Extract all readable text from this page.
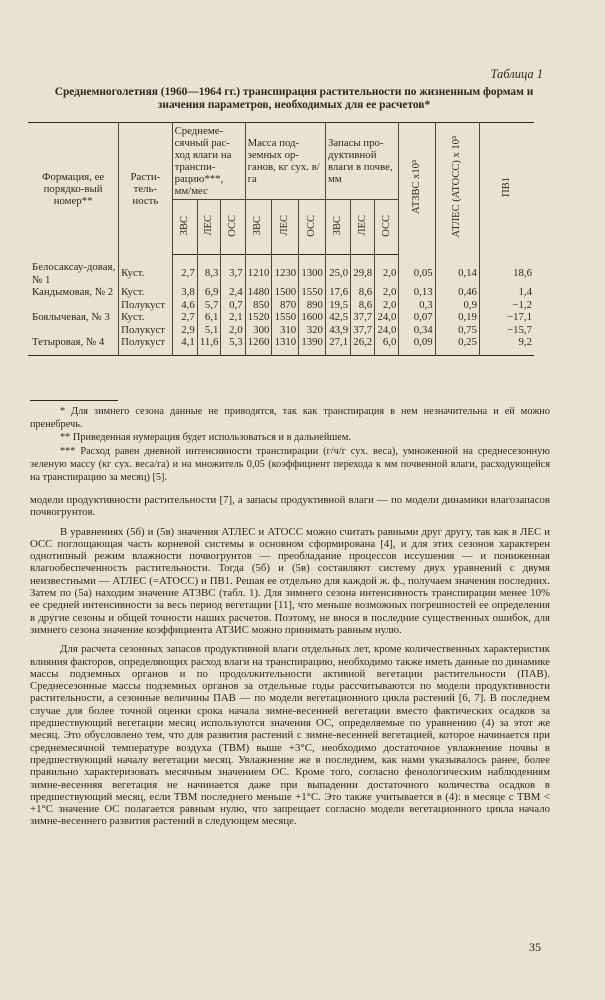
Таблица 1
Среднемноголетняя (1960—1964 гг.) транспирация растительности по жизненным формам и значения параметров, необходимых для ее расчетов*
Формация, ее порядко-вый номер**	Расти-тель-ность	Среднеме-сячный рас-ход влаги на транспи-рацию***, мм/мес			Масса под-земных ор-ганов, кг сух. в/га			Запасы про-дуктивной влаги в почве, мм			АТЗВС x10³	АТЛЕС (АТОСС) x 10³	ПВ1
		ЗВС	ЛЕС	ОСС	ЗВС	ЛЕС	ОСС	ЗВС	ЛЕС	ОСС			

Белосаксау-довая, № 1	Куст.	2,7	8,3	3,7	1210	1230	1300	25,0	29,8	2,0	0,05	0,14	18,6
Кандымовая, № 2	Куст.	3,8	6,9	2,4	1480	1500	1550	17,6	8,6	2,0	0,13	0,46	1,4
	Полукуст	4,6	5,7	0,7	850	870	890	19,5	8,6	2,0	0,3	0,9	−1,2
Боялычевая, № 3	Куст.	2,7	6,1	2,1	1520	1550	1600	42,5	37,7	24,0	0,07	0,19	−17,1
	Полукуст	2,9	5,1	2,0	300	310	320	43,9	37,7	24,0	0,34	0,75	−15,7
Тетыровая, № 4	Полукуст	4,1	11,6	5,3	1260	1310	1390	27,1	26,2	6,0	0,09	0,25	9,2

* Для зимнего сезона данные не приводятся, так как транспирация в нем незначительна и ей можно пренебречь.

** Приведенная нумерация будет использоваться и в дальнейшем.

*** Расход равен дневной интенсивности транспирации (г/ч/г сух. веса), умноженной на среднесезонную зеленую массу (кг сух. веса/га) и на множитель 0,05 (коэффициент перехода к мм почвенной влаги, расходующейся на транспирацию за месяц) [5].

модели продуктивности растительности [7], а запасы продуктивной влаги — по модели динамики влагозапасов почвогрунтов.

В уравнениях (5б) и (5в) значения АТЛЕС и АТОСС можно считать равными друг другу, так как в ЛЕС и ОСС поглощающая часть корневой системы в основном сформирована [4], и для этих сезонов характерен однотипный режим влажности почвогрунтов — преобладание процессов иссушения — и пониженная влагообеспеченность растительности. Тогда (5б) и (5в) составляют систему двух уравнений с двумя неизвестными — АТЛЕС (=АТОСС) и ПВ1. Решая ее отдельно для каждой ж. ф., получаем значения последних. Затем по (5а) находим значение АТЗВС (табл. 1). Для зимнего сезона интенсивность транспирации менее 10% ее средней интенсивности за весь период вегетации [11], что меньше возможных погрешностей ее определения в другие сезоны и общей точности наших расчетов. Поэтому, не внося в последние существенных ошибок, для зимнего сезона значение коэффициента АТЗИС можно принимать равным нулю.

Для расчета сезонных запасов продуктивной влаги отдельных лет, кроме количественных характеристик влияния факторов, определяющих расход влаги на транспирацию, необходимо также иметь данные по динамике массы подземных органов и по продолжительности активной вегетации растительности (ПАВ). Среднесезонные массы подземных органов за отдельные годы рассчитываются по модели продуктивности растительности, а сезонные величины ПАВ — по модели вегетационного цикла растений [6, 7]. В последнем случае для более точной оценки срока начала зимне-весенней вегетации вместо фактических осадков за предшествующий вегетации месяц используются значения ОС, определяемые по уравнению (4) за этот же месяц. Это обусловлено тем, что для развития растений с зимне-весенней вегетацией, которое начинается при среднемесячной температуре воздуха (ТВМ) выше +3°С, необходимо достаточное увлажнение почвы в предшествующий началу вегетации месяц. Увлажнение же в последнем, как нами указывалось ранее, более правильно характеризовать месячным значением ОС. Кроме того, согласно фенологическим наблюдениям зимне-весенняя вегетация не начинается даже при выпадении достаточного количества осадков в предшествующий месяц, если ТВМ последнего меньше +1°С. Это также учитывается в (4): в месяце с ТВМ < +1°С значение ОС полагается равным нулю, что запрещает согласно модели вегетационного цикла начало зимне-весеннего развития растений в следующем месяце.

35
